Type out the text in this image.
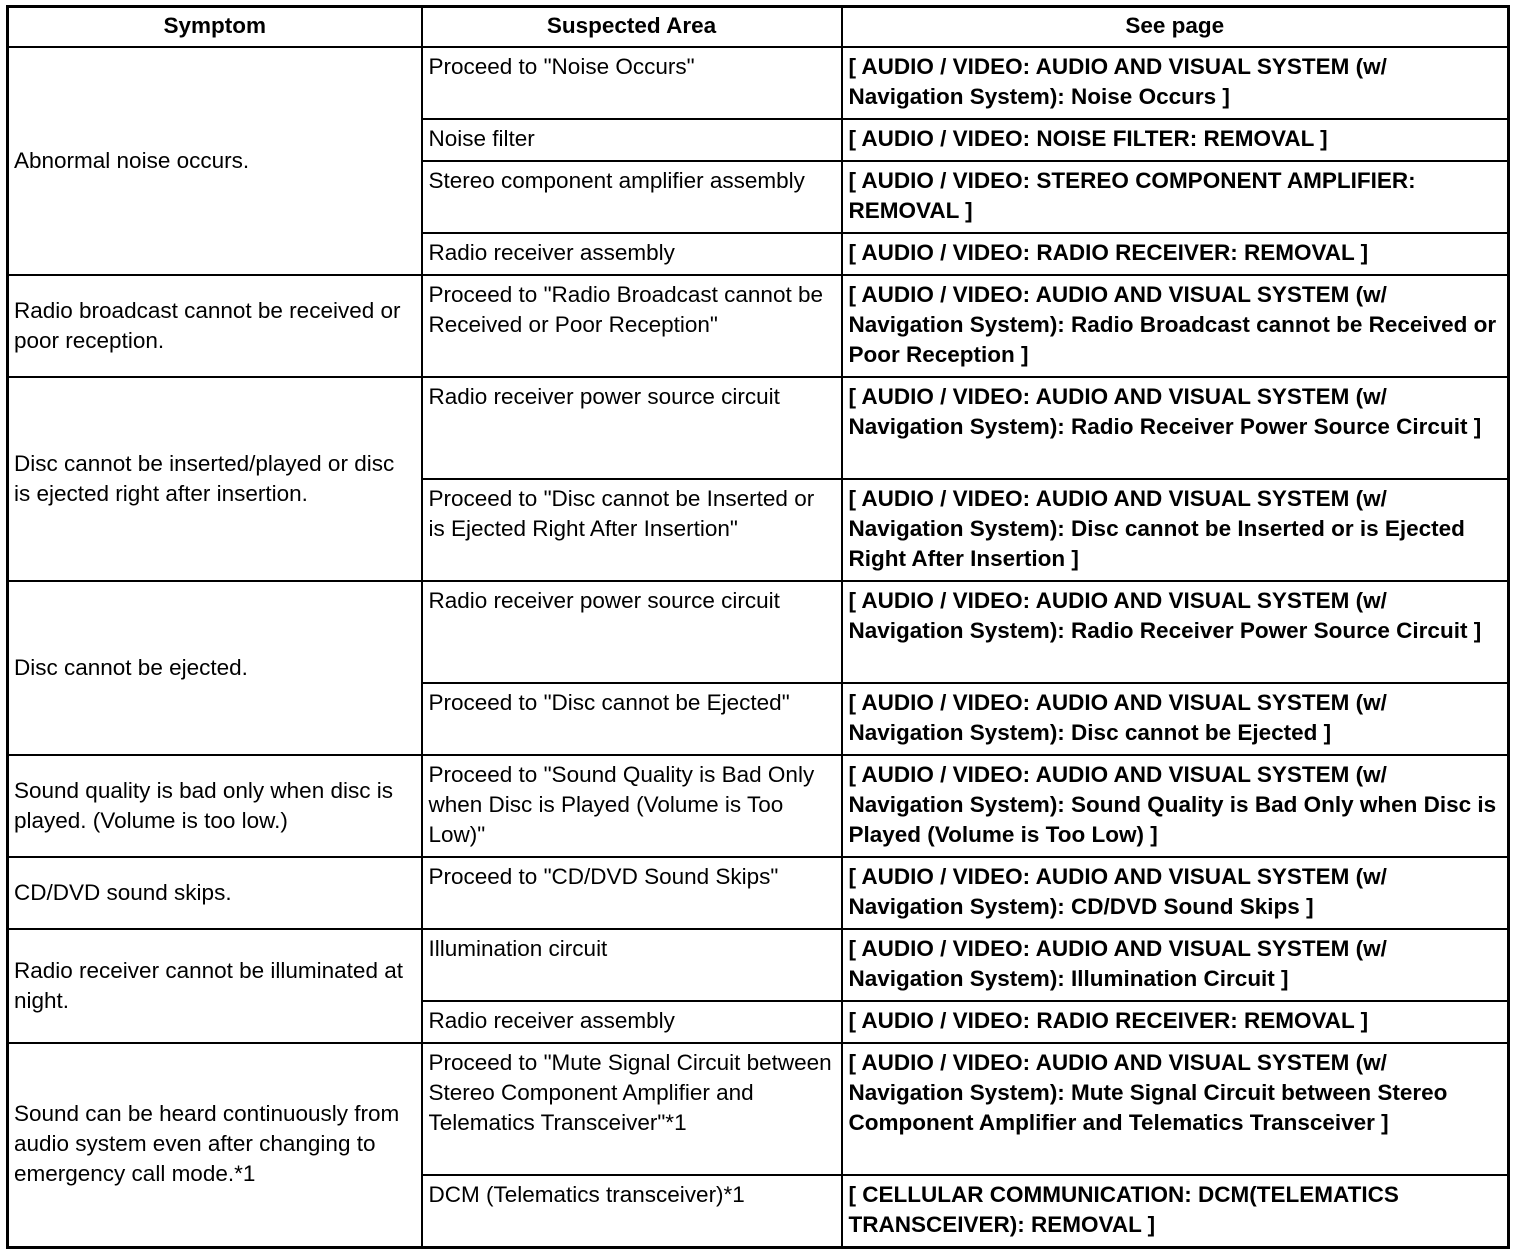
Symptom	Suspected Area	See page
Abnormal noise occurs.	Proceed to "Noise Occurs"	[ AUDIO / VIDEO: AUDIO AND VISUAL SYSTEM (w/ Navigation System): Noise Occurs ]
	Noise filter	[ AUDIO / VIDEO: NOISE FILTER: REMOVAL ]
	Stereo component amplifier assembly	[ AUDIO / VIDEO: STEREO COMPONENT AMPLIFIER: REMOVAL ]
	Radio receiver assembly	[ AUDIO / VIDEO: RADIO RECEIVER: REMOVAL ]
Radio broadcast cannot be received or poor reception.	Proceed to "Radio Broadcast cannot be Received or Poor Reception"	[ AUDIO / VIDEO: AUDIO AND VISUAL SYSTEM (w/ Navigation System): Radio Broadcast cannot be Received or Poor Reception ]
Disc cannot be inserted/played or disc is ejected right after insertion.	Radio receiver power source circuit	[ AUDIO / VIDEO: AUDIO AND VISUAL SYSTEM (w/ Navigation System): Radio Receiver Power Source Circuit ]
	Proceed to "Disc cannot be Inserted or is Ejected Right After Insertion"	[ AUDIO / VIDEO: AUDIO AND VISUAL SYSTEM (w/ Navigation System): Disc cannot be Inserted or is Ejected Right After Insertion ]
Disc cannot be ejected.	Radio receiver power source circuit	[ AUDIO / VIDEO: AUDIO AND VISUAL SYSTEM (w/ Navigation System): Radio Receiver Power Source Circuit ]
	Proceed to "Disc cannot be Ejected"	[ AUDIO / VIDEO: AUDIO AND VISUAL SYSTEM (w/ Navigation System): Disc cannot be Ejected ]
Sound quality is bad only when disc is played. (Volume is too low.)	Proceed to "Sound Quality is Bad Only when Disc is Played (Volume is Too Low)"	[ AUDIO / VIDEO: AUDIO AND VISUAL SYSTEM (w/ Navigation System): Sound Quality is Bad Only when Disc is Played (Volume is Too Low) ]
CD/DVD sound skips.	Proceed to "CD/DVD Sound Skips"	[ AUDIO / VIDEO: AUDIO AND VISUAL SYSTEM (w/ Navigation System): CD/DVD Sound Skips ]
Radio receiver cannot be illuminated at night.	Illumination circuit	[ AUDIO / VIDEO: AUDIO AND VISUAL SYSTEM (w/ Navigation System): Illumination Circuit ]
	Radio receiver assembly	[ AUDIO / VIDEO: RADIO RECEIVER: REMOVAL ]
Sound can be heard continuously from audio system even after changing to emergency call mode.*1	Proceed to "Mute Signal Circuit between Stereo Component Amplifier and Telematics Transceiver"*1	[ AUDIO / VIDEO: AUDIO AND VISUAL SYSTEM (w/ Navigation System): Mute Signal Circuit between Stereo Component Amplifier and Telematics Transceiver ]
	DCM (Telematics transceiver)*1	[ CELLULAR COMMUNICATION: DCM(TELEMATICS TRANSCEIVER): REMOVAL ]
